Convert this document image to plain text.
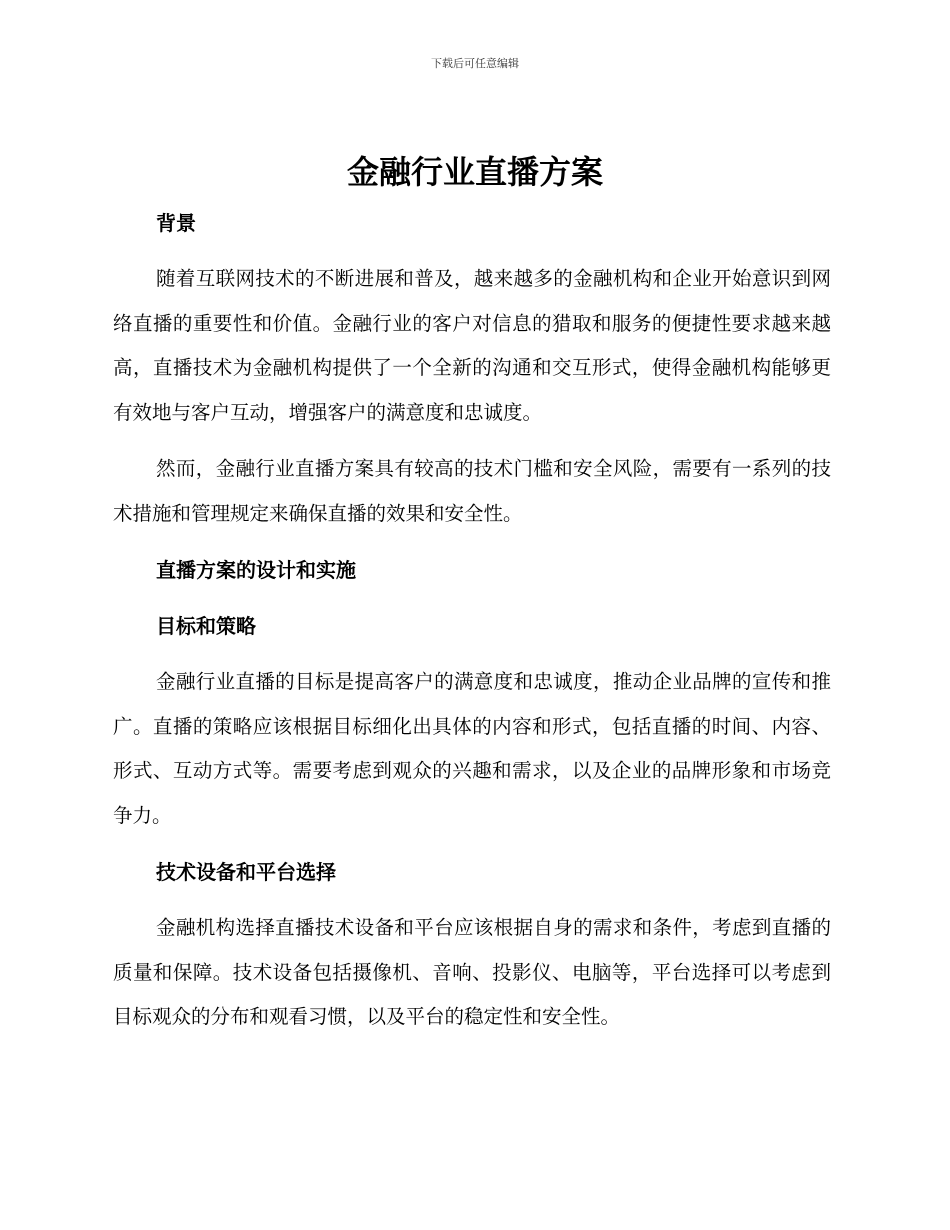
下载后可任意编辑
金融行业直播方案
背景

随着互联网技术的不断进展和普及，越来越多的金融机构和企业开始意识到网络直播的重要性和价值。金融行业的客户对信息的猎取和服务的便捷性要求越来越高，直播技术为金融机构提供了一个全新的沟通和交互形式，使得金融机构能够更有效地与客户互动，增强客户的满意度和忠诚度。

然而，金融行业直播方案具有较高的技术门槛和安全风险，需要有一系列的技术措施和管理规定来确保直播的效果和安全性。

直播方案的设计和实施
目标和策略

金融行业直播的目标是提高客户的满意度和忠诚度，推动企业品牌的宣传和推广。直播的策略应该根据目标细化出具体的内容和形式，包括直播的时间、内容、形式、互动方式等。需要考虑到观众的兴趣和需求，以及企业的品牌形象和市场竞争力。

技术设备和平台选择

金融机构选择直播技术设备和平台应该根据自身的需求和条件，考虑到直播的质量和保障。技术设备包括摄像机、音响、投影仪、电脑等，平台选择可以考虑到目标观众的分布和观看习惯，以及平台的稳定性和安全性。
